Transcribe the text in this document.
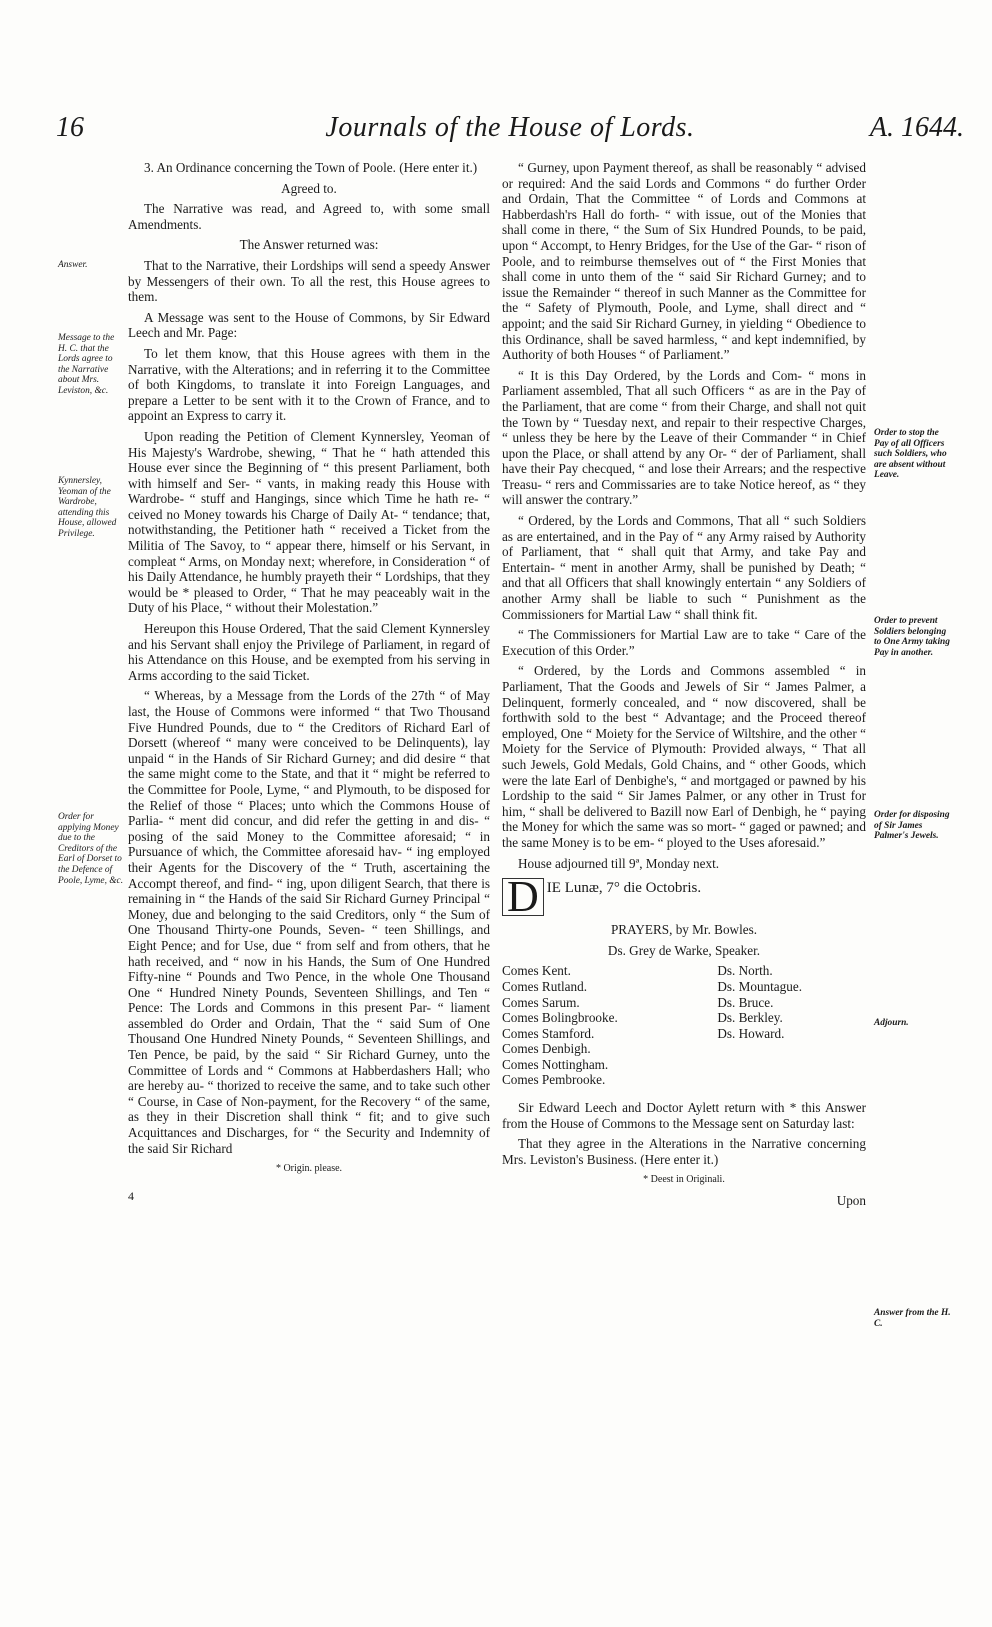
16	Journals of the House of Lords.	A. 1644.

3. An Ordinance concerning the Town of Poole. (Here enter it.)

Agreed to.

The Narrative was read, and Agreed to, with some small Amendments.

The Answer returned was:

That to the Narrative, their Lordships will send a speedy Answer by Messengers of their own. To all the rest, this House agrees to them.

A Message was sent to the House of Commons, by Sir Edward Leech and Mr. Page:

To let them know, that this House agrees with them in the Narrative, with the Alterations; and in referring it to the Committee of both Kingdoms, to translate it into Foreign Languages, and prepare a Letter to be sent with it to the Crown of France, and to appoint an Express to carry it.

Upon reading the Petition of Clement Kynnersley, Yeoman of His Majesty's Wardrobe, shewing, “ That he “ hath attended this House ever since the Beginning of “ this present Parliament, both with himself and Ser- “ vants, in making ready this House with Wardrobe- “ stuff and Hangings, since which Time he hath re- “ ceived no Money towards his Charge of Daily At- “ tendance; that, notwithstanding, the Petitioner hath “ received a Ticket from the Militia of The Savoy, to “ appear there, himself or his Servant, in compleat “ Arms, on Monday next; wherefore, in Consideration “ of his Daily Attendance, he humbly prayeth their “ Lordships, that they would be * pleased to Order, “ That he may peaceably wait in the Duty of his Place, “ without their Molestation.”

Hereupon this House Ordered, That the said Clement Kynnersley and his Servant shall enjoy the Privilege of Parliament, in regard of his Attendance on this House, and be exempted from his serving in Arms according to the said Ticket.

“ Whereas, by a Message from the Lords of the 27th “ of May last, the House of Commons were informed “ that Two Thousand Five Hundred Pounds, due to “ the Creditors of Richard Earl of Dorsett (whereof “ many were conceived to be Delinquents), lay unpaid “ in the Hands of Sir Richard Gurney; and did desire “ that the same might come to the State, and that it “ might be referred to the Committee for Poole, Lyme, “ and Plymouth, to be disposed for the Relief of those “ Places; unto which the Commons House of Parlia- “ ment did concur, and did refer the getting in and dis- “ posing of the said Money to the Committee aforesaid; “ in Pursuance of which, the Committee aforesaid hav- “ ing employed their Agents for the Discovery of the “ Truth, ascertaining the Accompt thereof, and find- “ ing, upon diligent Search, that there is remaining in “ the Hands of the said Sir Richard Gurney Principal “ Money, due and belonging to the said Creditors, only “ the Sum of One Thousand Thirty-one Pounds, Seven- “ teen Shillings, and Eight Pence; and for Use, due “ from self and from others, that he hath received, and “ now in his Hands, the Sum of One Hundred Fifty-nine “ Pounds and Two Pence, in the whole One Thousand One “ Hundred Ninety Pounds, Seventeen Shillings, and Ten “ Pence: The Lords and Commons in this present Par- “ liament assembled do Order and Ordain, That the “ said Sum of One Thousand One Hundred Ninety Pounds, “ Seventeen Shillings, and Ten Pence, be paid, by the said “ Sir Richard Gurney, unto the Committee of Lords and “ Commons at Habberdashers Hall; who are hereby au- “ thorized to receive the same, and to take such other “ Course, in Case of Non-payment, for the Recovery “ of the same, as they in their Discretion shall think “ fit; and to give such Acquittances and Discharges, for “ the Security and Indemnity of the said Sir Richard

* Origin. please.

4

“ Gurney, upon Payment thereof, as shall be reasonably “ advised or required: And the said Lords and Commons “ do further Order and Ordain, That the Committee “ of Lords and Commons at Habberdash'rs Hall do forth- “ with issue, out of the Monies that shall come in there, “ the Sum of Six Hundred Pounds, to be paid, upon “ Accompt, to Henry Bridges, for the Use of the Gar- “ rison of Poole, and to reimburse themselves out of “ the First Monies that shall come in unto them of the “ said Sir Richard Gurney; and to issue the Remainder “ thereof in such Manner as the Committee for the “ Safety of Plymouth, Poole, and Lyme, shall direct and “ appoint; and the said Sir Richard Gurney, in yielding “ Obedience to this Ordinance, shall be saved harmless, “ and kept indemnified, by Authority of both Houses “ of Parliament.”

“ It is this Day Ordered, by the Lords and Com- “ mons in Parliament assembled, That all such Officers “ as are in the Pay of the Parliament, that are come “ from their Charge, and shall not quit the Town by “ Tuesday next, and repair to their respective Charges, “ unless they be here by the Leave of their Commander “ in Chief upon the Place, or shall attend by any Or- “ der of Parliament, shall have their Pay checqued, “ and lose their Arrears; and the respective Treasu- “ rers and Commissaries are to take Notice hereof, as “ they will answer the contrary.”

“ Ordered, by the Lords and Commons, That all “ such Soldiers as are entertained, and in the Pay of “ any Army raised by Authority of Parliament, that “ shall quit that Army, and take Pay and Entertain- “ ment in another Army, shall be punished by Death; “ and that all Officers that shall knowingly entertain “ any Soldiers of another Army shall be liable to such “ Punishment as the Commissioners for Martial Law “ shall think fit.

“ The Commissioners for Martial Law are to take “ Care of the Execution of this Order.”

“ Ordered, by the Lords and Commons assembled “ in Parliament, That the Goods and Jewels of Sir “ James Palmer, a Delinquent, formerly concealed, and “ now discovered, shall be forthwith sold to the best “ Advantage; and the Proceed thereof employed, One “ Moiety for the Service of Wiltshire, and the other “ Moiety for the Service of Plymouth: Provided always, “ That all such Jewels, Gold Medals, Gold Chains, and “ other Goods, which were the late Earl of Denbighe's, “ and mortgaged or pawned by his Lordship to the said “ Sir James Palmer, or any other in Trust for him, “ shall be delivered to Bazill now Earl of Denbigh, he “ paying the Money for which the same was so mort- “ gaged or pawned; and the same Money is to be em- “ ployed to the Uses aforesaid.”

House adjourned till 9ª, Monday next.

D IE Lunæ, 7° die Octobris.

PRAYERS, by Mr. Bowles.

Ds. Grey de Warke, Speaker.

Comes Kent.
Comes Rutland.
Comes Sarum.
Comes Bolingbrooke.
Comes Stamford.
Comes Denbigh.
Comes Nottingham.
Comes Pembrooke.
Ds. North.
Ds. Mountague.
Ds. Bruce.
Ds. Berkley.
Ds. Howard.

Sir Edward Leech and Doctor Aylett return with * this Answer from the House of Commons to the Message sent on Saturday last:

That they agree in the Alterations in the Narrative concerning Mrs. Leviston's Business. (Here enter it.)

* Deest in Originali.

Upon

Answer.
Message to the H. C. that the Lords agree to the Narrative about Mrs. Leviston, &c.
Kynnersley, Yeoman of the Wardrobe, attending this House, allowed Privilege.
Order for applying Money due to the Creditors of the Earl of Dorset to the Defence of Poole, Lyme, &c.
Order to stop the Pay of all Officers such Soldiers, who are absent without Leave.
Order to prevent Soldiers belonging to One Army taking Pay in another.
Order for disposing of Sir James Palmer's Jewels.
Adjourn.
Answer from the H. C.
